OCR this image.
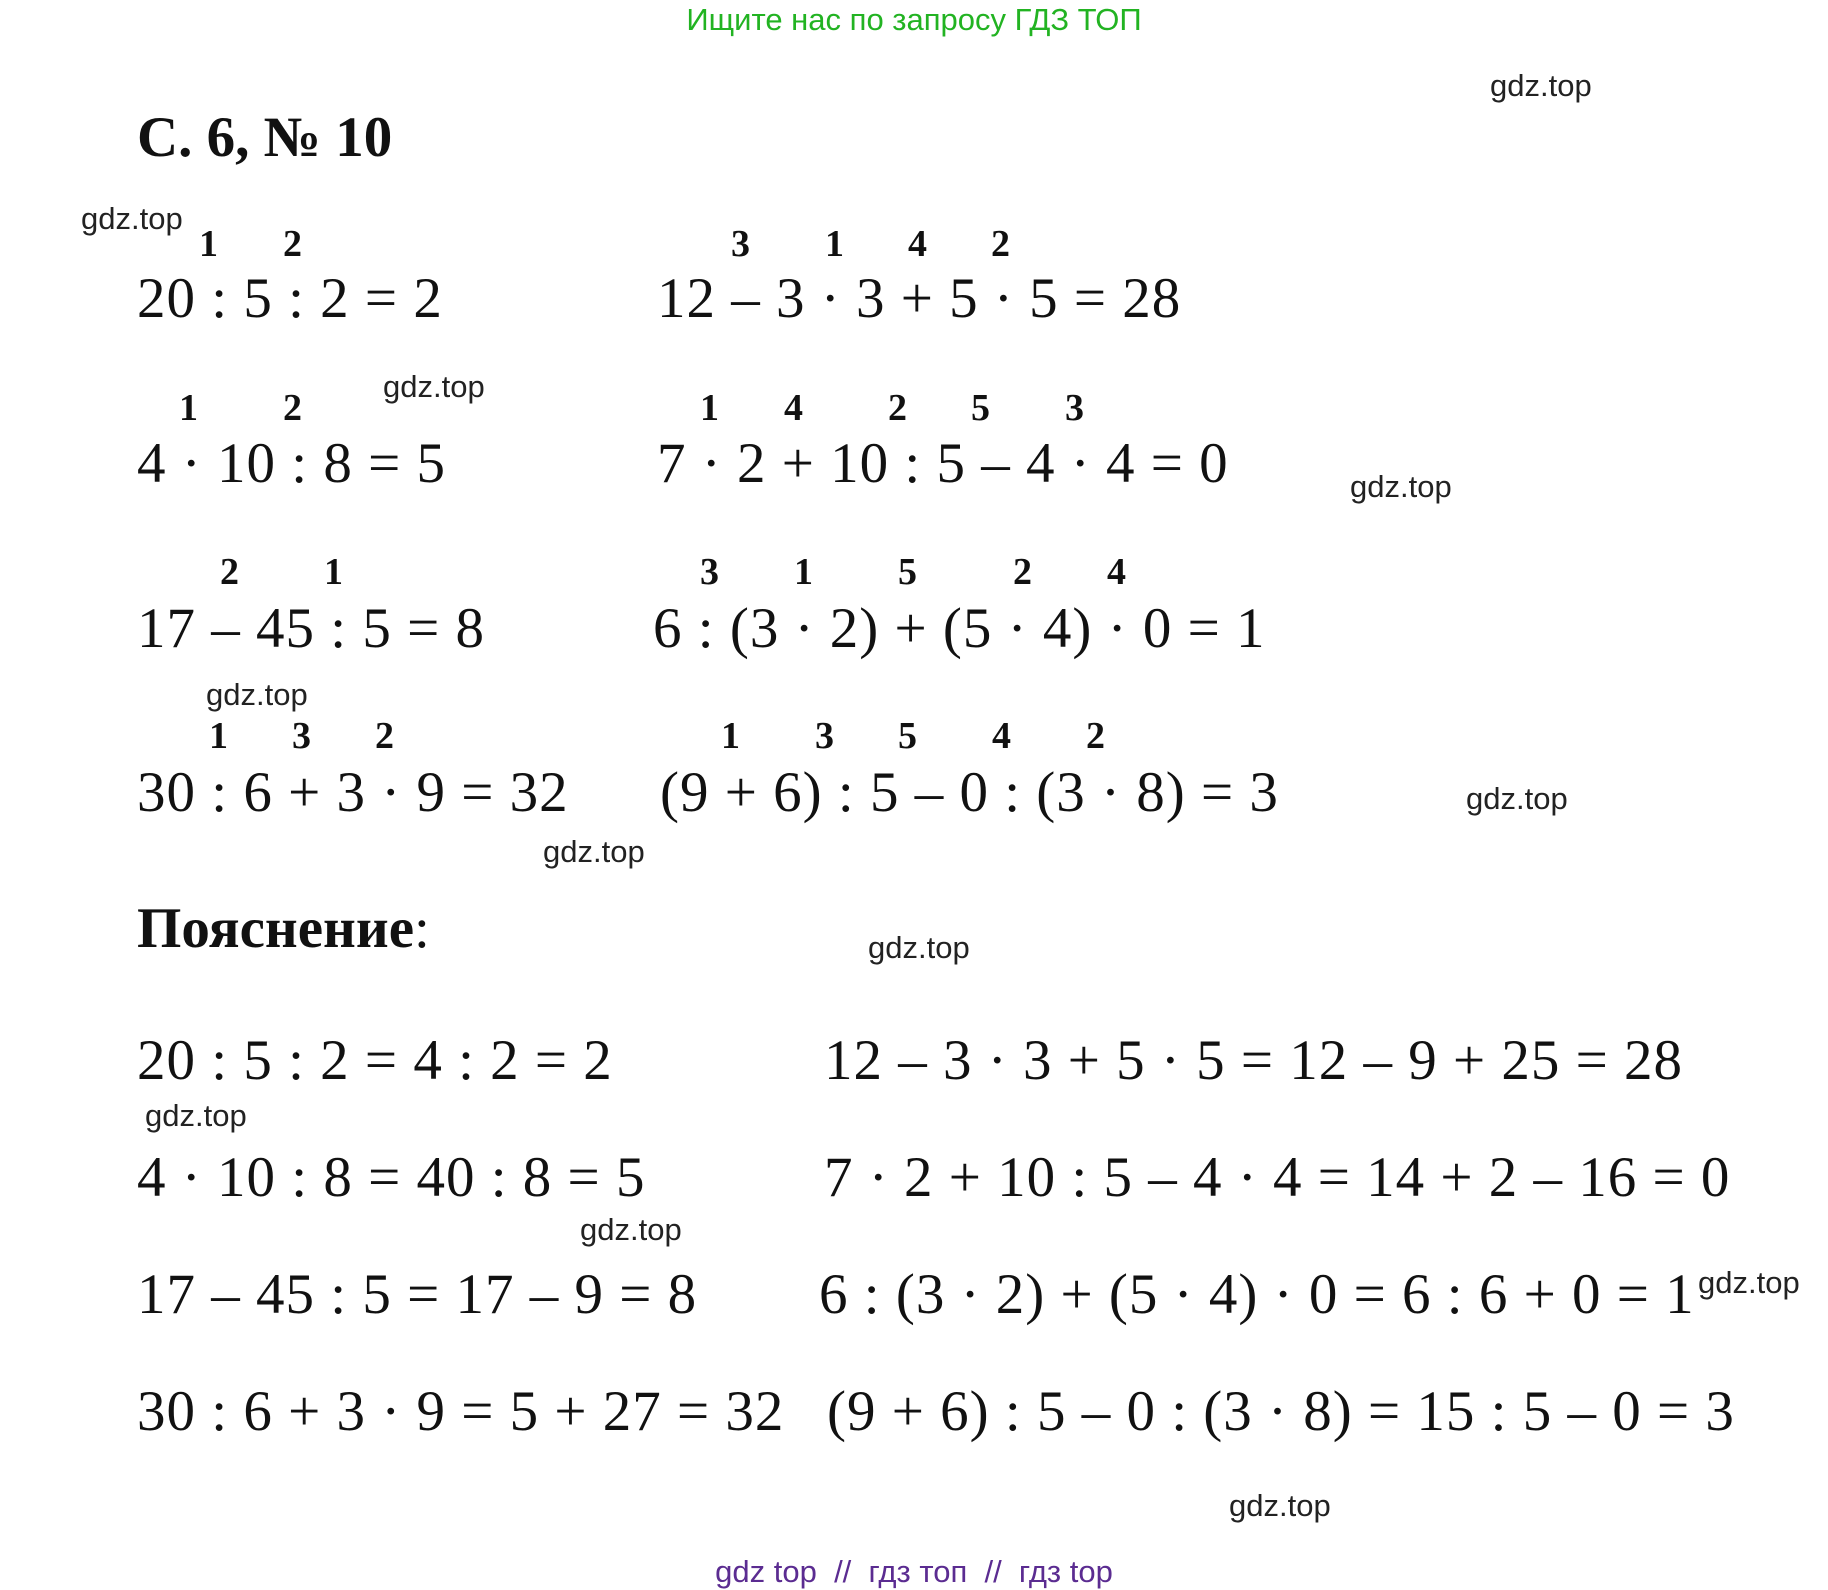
Ищите нас по запросу ГДЗ ТОП
С. 6, № 10
gdz.top
gdz.top
gdz.top
gdz.top
gdz.top
gdz.top
gdz.top
gdz.top
gdz.top
gdz.top
gdz.top
gdz.top
1 2
20 : 5 : 2 = 2
1 2
4 · 10 : 8 = 5
2 1
17 – 45 : 5 = 8
1 3 2
30 : 6 + 3 · 9 = 32
3 1 4 2
12 – 3 · 3 + 5 · 5 = 28
1 4 2 5 3
7 · 2 + 10 : 5 – 4 · 4 = 0
3 1 5	2 4
6 : (3 · 2) + (5 · 4) · 0 = 1
1 3 5 4 2
(9 + 6) : 5 – 0 : (3 · 8) = 3
Пояснение:
20 : 5 : 2 = 4 : 2 = 2
4 · 10 : 8 = 40 : 8 = 5
17 – 45 : 5 = 17 – 9 = 8
30 : 6 + 3 · 9 = 5 + 27 = 32
12 – 3 · 3 + 5 · 5 = 12 – 9 + 25 = 28
7 · 2 + 10 : 5 – 4 · 4 = 14 + 2 – 16 = 0
6 : (3 · 2) + (5 · 4) · 0 = 6 : 6 + 0 = 1
(9 + 6) : 5 – 0 : (3 · 8) = 15 : 5 – 0 = 3
gdz top  //  гдз топ  //  гдз top
